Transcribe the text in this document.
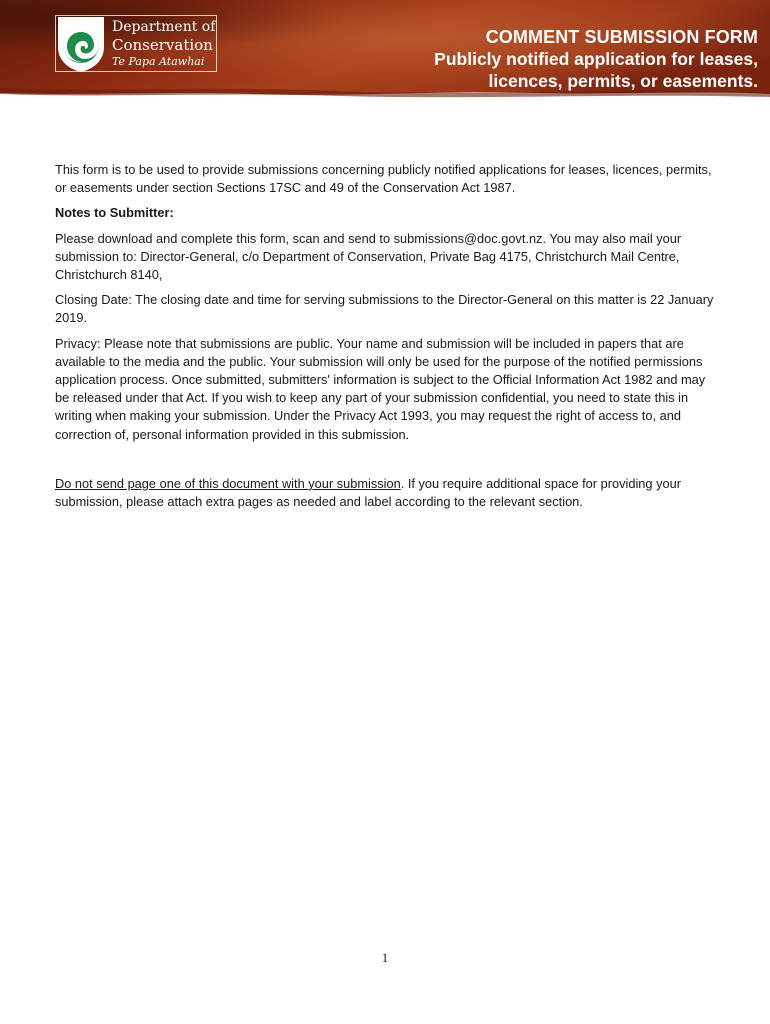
Department of
Conservation
Te Papa Atawhai
COMMENT SUBMISSION FORM
Publicly notified application for leases, licences, permits, or easements.

This form is to be used to provide submissions concerning publicly notified applications for leases, licences, permits, or easements under section Sections 17SC and 49 of the Conservation Act 1987.

Notes to Submitter:

Please download and complete this form, scan and send to submissions@doc.govt.nz. You may also mail your submission to: Director-General, c/o Department of Conservation, Private Bag 4175, Christchurch Mail Centre, Christchurch 8140,

Closing Date: The closing date and time for serving submissions to the Director-General on this matter is 22 January 2019.

Privacy: Please note that submissions are public. Your name and submission will be included in papers that are available to the media and the public. Your submission will only be used for the purpose of the notified permissions application process. Once submitted, submitters' information is subject to the Official Information Act 1982 and may be released under that Act. If you wish to keep any part of your submission confidential, you need to state this in writing when making your submission. Under the Privacy Act 1993, you may request the right of access to, and correction of, personal information provided in this submission.

Do not send page one of this document with your submission. If you require additional space for providing your submission, please attach extra pages as needed and label according to the relevant section.

1
